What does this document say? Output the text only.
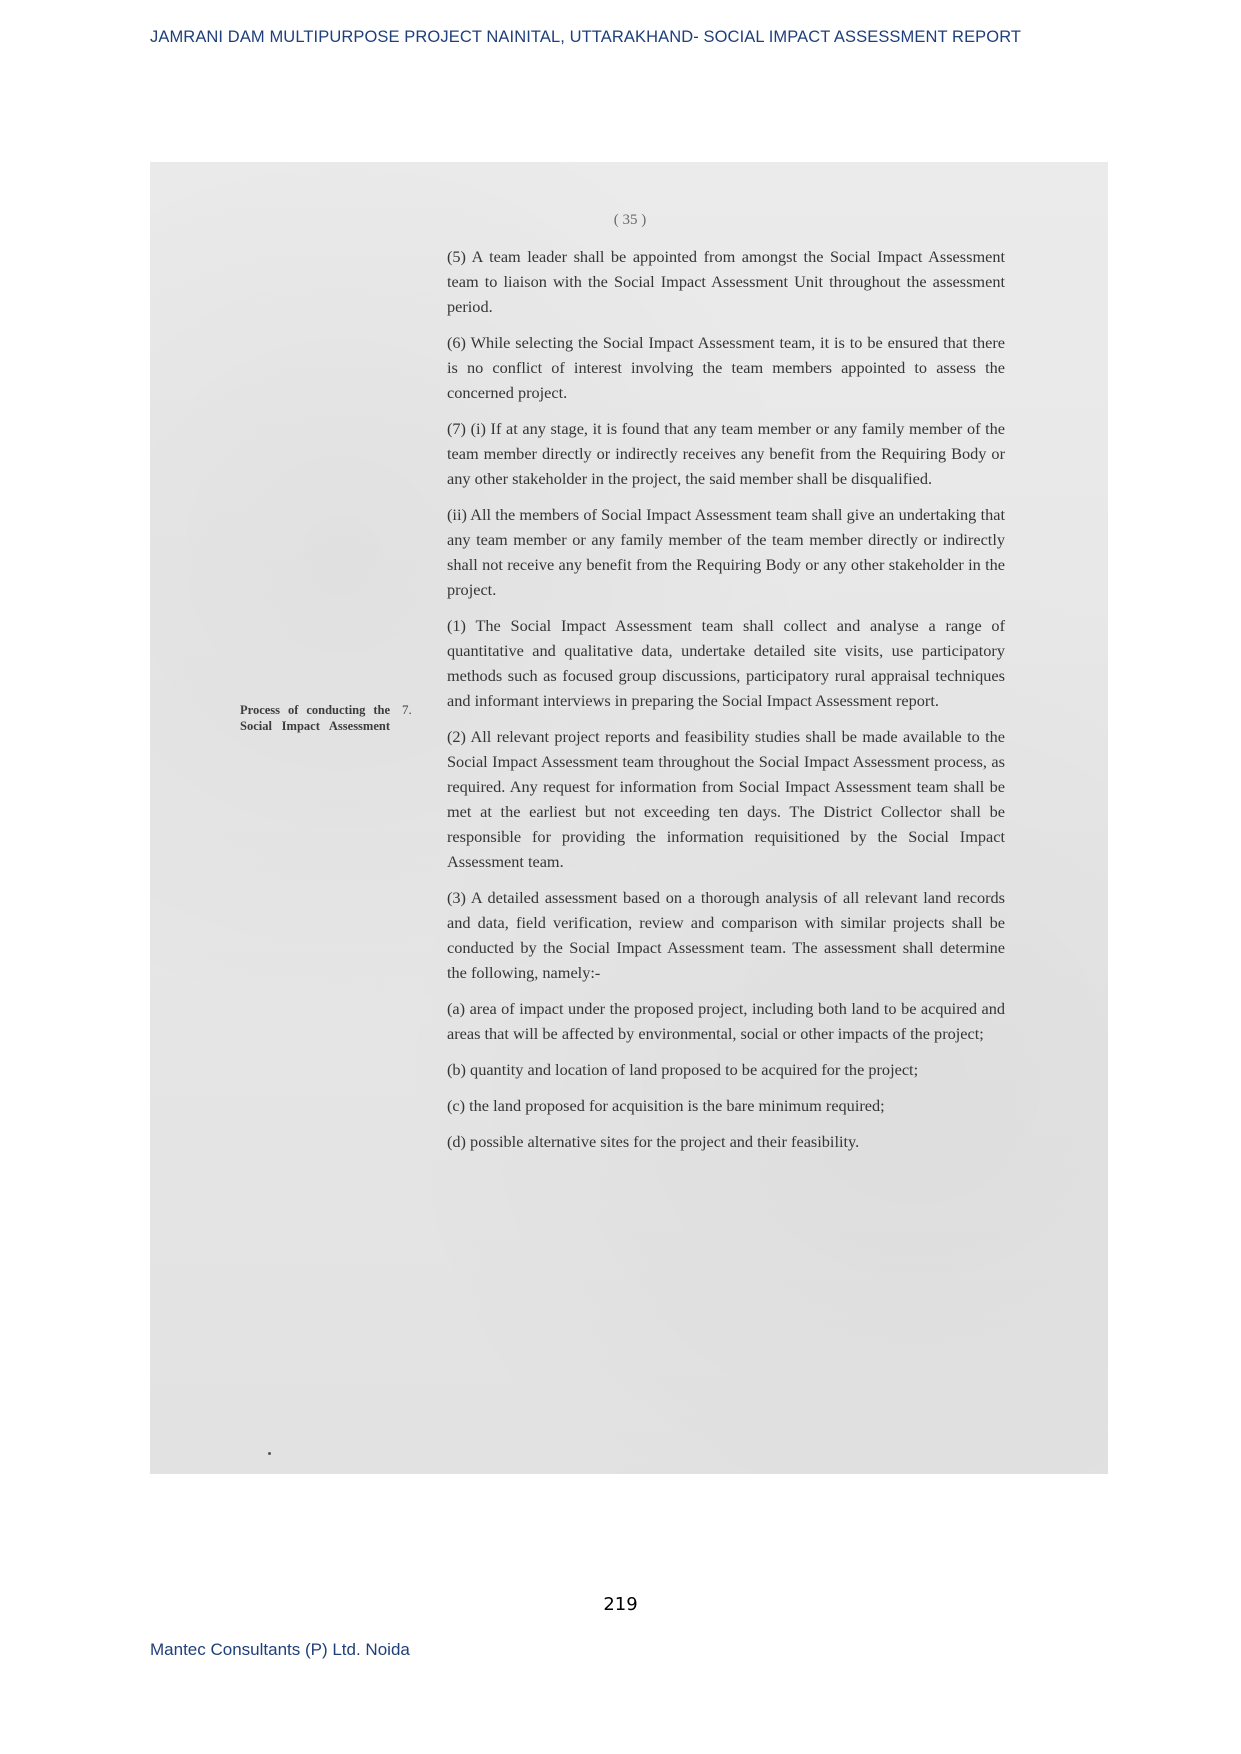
JAMRANI DAM MULTIPURPOSE PROJECT NAINITAL, UTTARAKHAND- SOCIAL IMPACT ASSESSMENT REPORT
( 35 )
Process of conducting the Social Impact Assessment
7.

(5) A team leader shall be appointed from amongst the Social Impact Assessment team to liaison with the Social Impact Assessment Unit throughout the assessment period.

(6) While selecting the Social Impact Assessment team, it is to be ensured that there is no conflict of interest involving the team members appointed to assess the concerned project.

(7) (i) If at any stage, it is found that any team member or any family member of the team member directly or indirectly receives any benefit from the Requiring Body or any other stakeholder in the project, the said member shall be disqualified.

(ii) All the members of Social Impact Assessment team shall give an undertaking that any team member or any family member of the team member directly or indirectly shall not receive any benefit from the Requiring Body or any other stakeholder in the project.

(1) The Social Impact Assessment team shall collect and analyse a range of quantitative and qualitative data, undertake detailed site visits, use participatory methods such as focused group discussions, participatory rural appraisal techniques and informant interviews in preparing the Social Impact Assessment report.

(2) All relevant project reports and feasibility studies shall be made available to the Social Impact Assessment team throughout the Social Impact Assessment process, as required. Any request for information from Social Impact Assessment team shall be met at the earliest but not exceeding ten days. The District Collector shall be responsible for providing the information requisitioned by the Social Impact Assessment team.

(3) A detailed assessment based on a thorough analysis of all relevant land records and data, field verification, review and comparison with similar projects shall be conducted by the Social Impact Assessment team. The assessment shall determine the following, namely:-

(a) area of impact under the proposed project, including both land to be acquired and areas that will be affected by environmental, social or other impacts of the project;

(b) quantity and location of land proposed to be acquired for the project;

(c) the land proposed for acquisition is the bare minimum required;

(d) possible alternative sites for the project and their feasibility.

219
Mantec Consultants (P) Ltd. Noida
